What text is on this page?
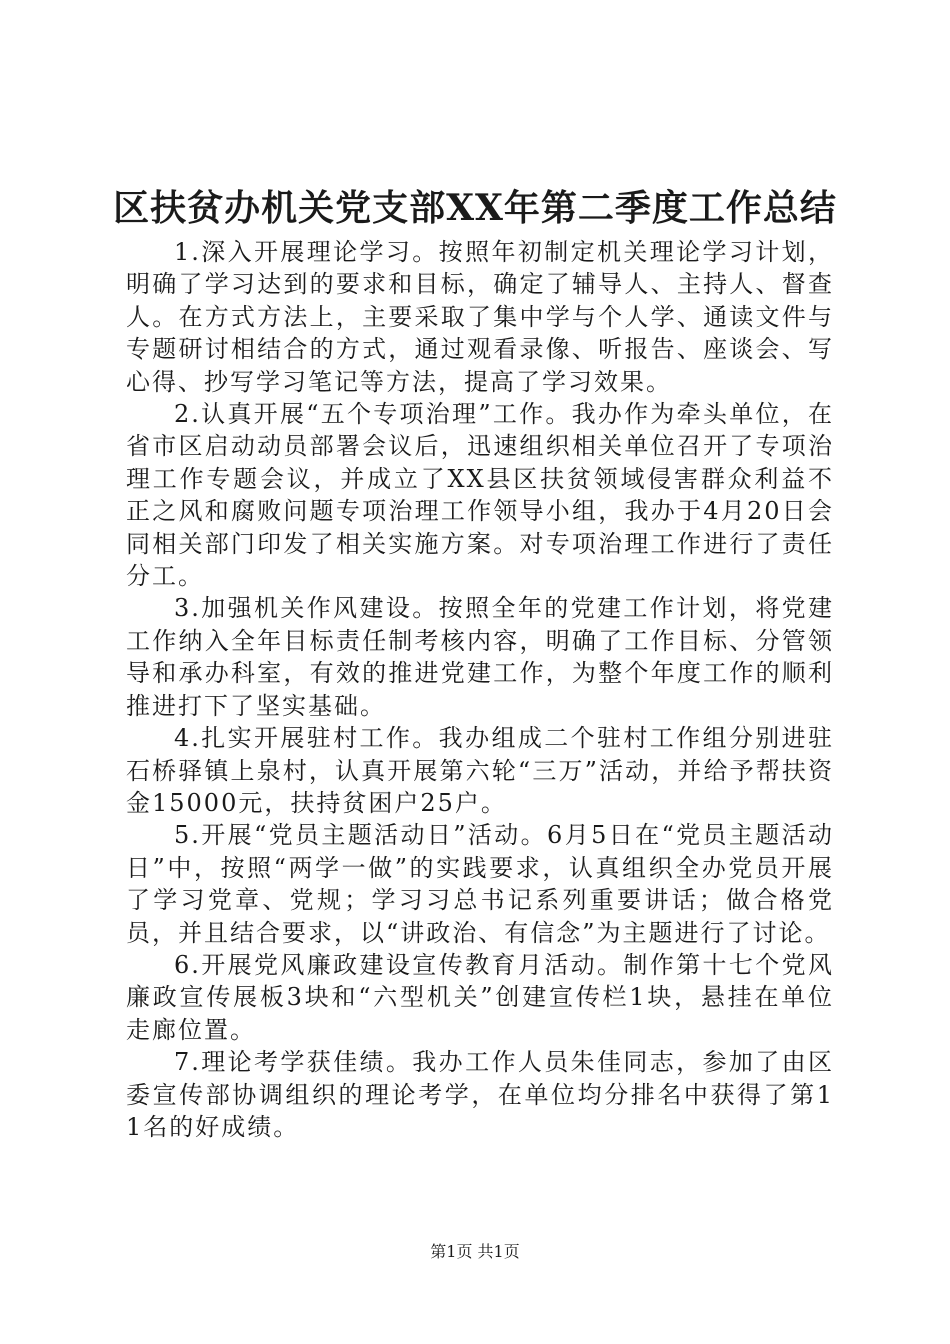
区扶贫办机关党支部XX年第二季度工作总结

1.深入开展理论学习。按照年初制定机关理论学习计划，明确了学习达到的要求和目标，确定了辅导人、主持人、督查人。在方式方法上，主要采取了集中学与个人学、通读文件与专题研讨相结合的方式，通过观看录像、听报告、座谈会、写心得、抄写学习笔记等方法，提高了学习效果。

2.认真开展“五个专项治理”工作。我办作为牵头单位，在省市区启动动员部署会议后，迅速组织相关单位召开了专项治理工作专题会议，并成立了XX县区扶贫领域侵害群众利益不正之风和腐败问题专项治理工作领导小组，我办于4月20日会同相关部门印发了相关实施方案。对专项治理工作进行了责任分工。

3.加强机关作风建设。按照全年的党建工作计划，将党建工作纳入全年目标责任制考核内容，明确了工作目标、分管领导和承办科室，有效的推进党建工作，为整个年度工作的顺利推进打下了坚实基础。

4.扎实开展驻村工作。我办组成二个驻村工作组分别进驻石桥驿镇上泉村，认真开展第六轮“三万”活动，并给予帮扶资金15000元，扶持贫困户25户。

5.开展“党员主题活动日”活动。6月5日在“党员主题活动日”中，按照“两学一做”的实践要求，认真组织全办党员开展了学习党章、党规；学习习总书记系列重要讲话；做合格党员，并且结合要求，以“讲政治、有信念”为主题进行了讨论。

6.开展党风廉政建设宣传教育月活动。制作第十七个党风廉政宣传展板3块和“六型机关”创建宣传栏1块，悬挂在单位走廊位置。

7.理论考学获佳绩。我办工作人员朱佳同志，参加了由区委宣传部协调组织的理论考学，在单位均分排名中获得了第11名的好成绩。

第1页 共1页
